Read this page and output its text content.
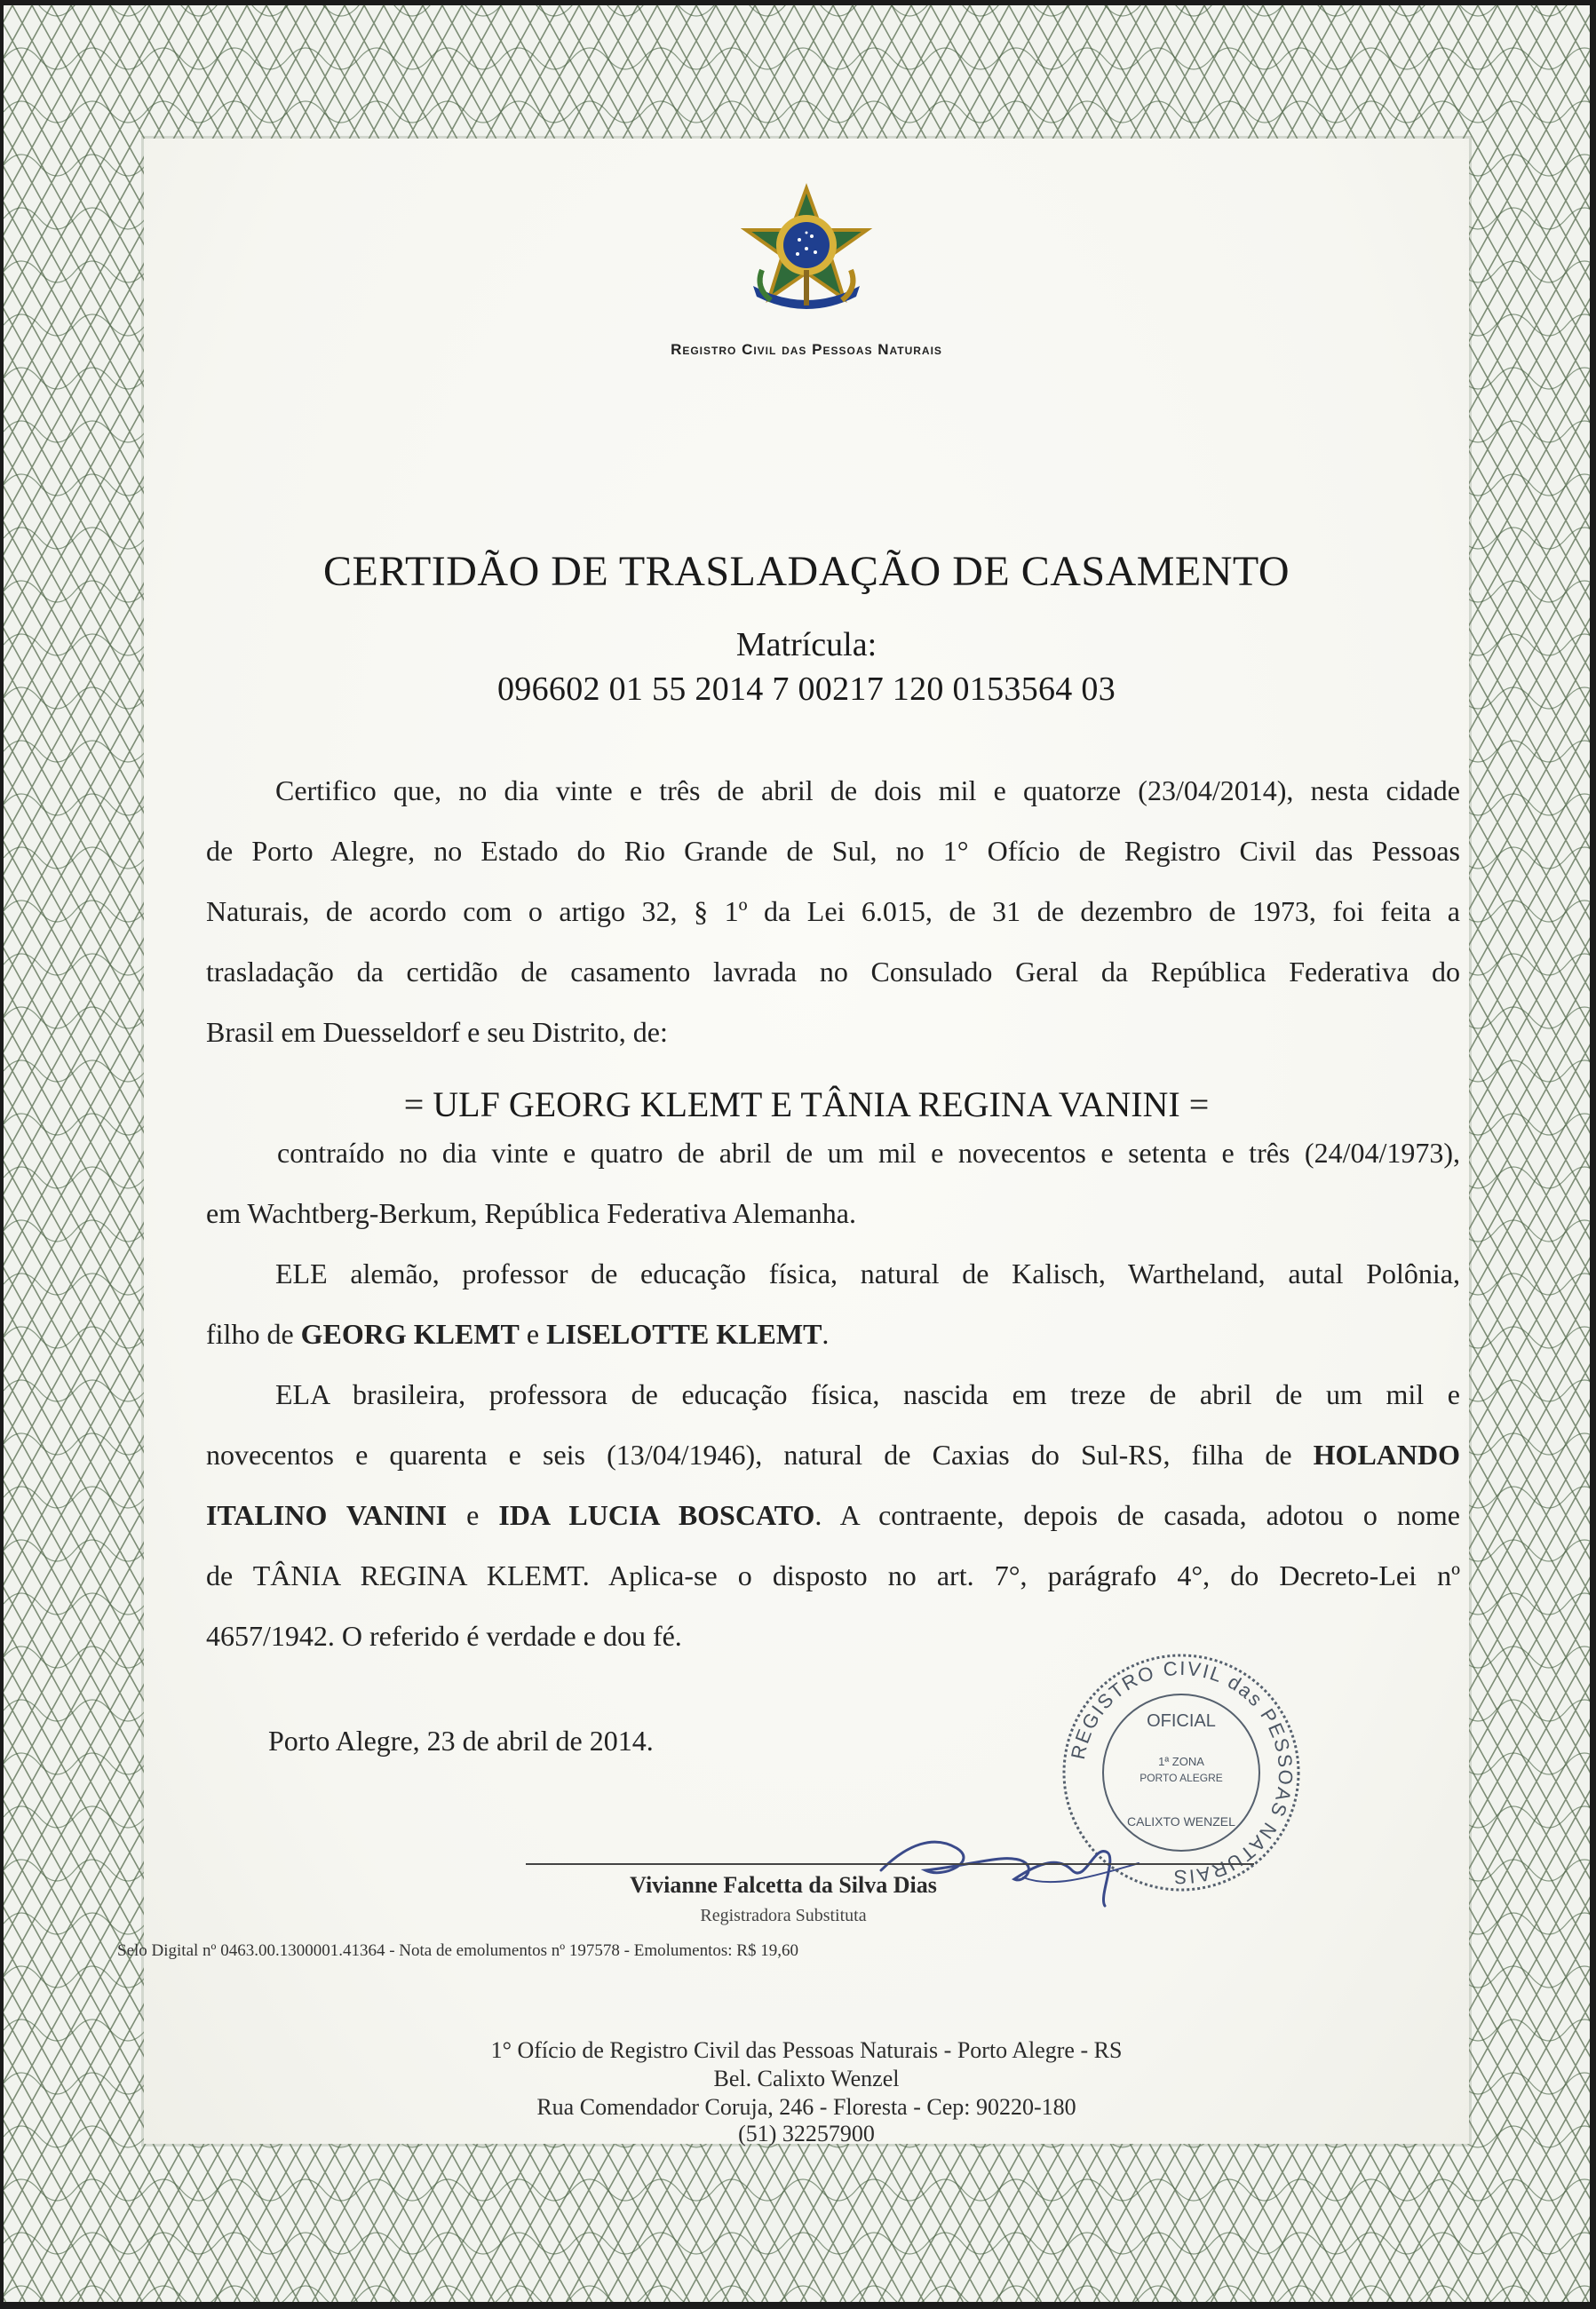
Registro Civil das Pessoas Naturais
CERTIDÃO DE TRASLADAÇÃO DE CASAMENTO
Matrícula:
096602 01 55 2014 7 00217 120 0153564 03
Certifico que, no dia vinte e três de abril de dois mil e quatorze (23/04/2014), nesta cidade
de Porto Alegre, no Estado do Rio Grande de Sul, no 1° Ofício de Registro Civil das Pessoas
Naturais, de acordo com o artigo 32, § 1º da Lei 6.015, de 31 de dezembro de 1973, foi feita a
trasladação da certidão de casamento lavrada no Consulado Geral da República Federativa do
Brasil em Duesseldorf e seu Distrito, de:
= ULF GEORG KLEMT E TÂNIA REGINA VANINI =
contraído no dia vinte e quatro de abril de um mil e novecentos e setenta e três (24/04/1973),
em Wachtberg-Berkum, República Federativa Alemanha.
ELE alemão, professor de educação física, natural de Kalisch, Wartheland, autal Polônia,
filho de GEORG KLEMT e LISELOTTE KLEMT.
ELA brasileira, professora de educação física, nascida em treze de abril de um mil e
novecentos e quarenta e seis (13/04/1946), natural de Caxias do Sul-RS, filha de HOLANDO
ITALINO VANINI e IDA LUCIA BOSCATO. A contraente, depois de casada, adotou o nome
de TÂNIA REGINA KLEMT. Aplica-se o disposto no art. 7°, parágrafo 4°, do Decreto-Lei nº
4657/1942. O referido é verdade e dou fé.
Porto Alegre, 23 de abril de 2014.	REGISTRO CIVIL das PESSOAS NATURAIS
OFICIAL
1ª ZONA
PORTO ALEGRE
CALIXTO WENZEL
Vivianne Falcetta da Silva Dias
Registradora Substituta
Selo Digital nº 0463.00.1300001.41364 - Nota de emolumentos nº 197578 - Emolumentos: R$ 19,60
1° Ofício de Registro Civil das Pessoas Naturais - Porto Alegre - RS
Bel. Calixto Wenzel
Rua Comendador Coruja, 246 - Floresta - Cep: 90220-180
(51) 32257900
